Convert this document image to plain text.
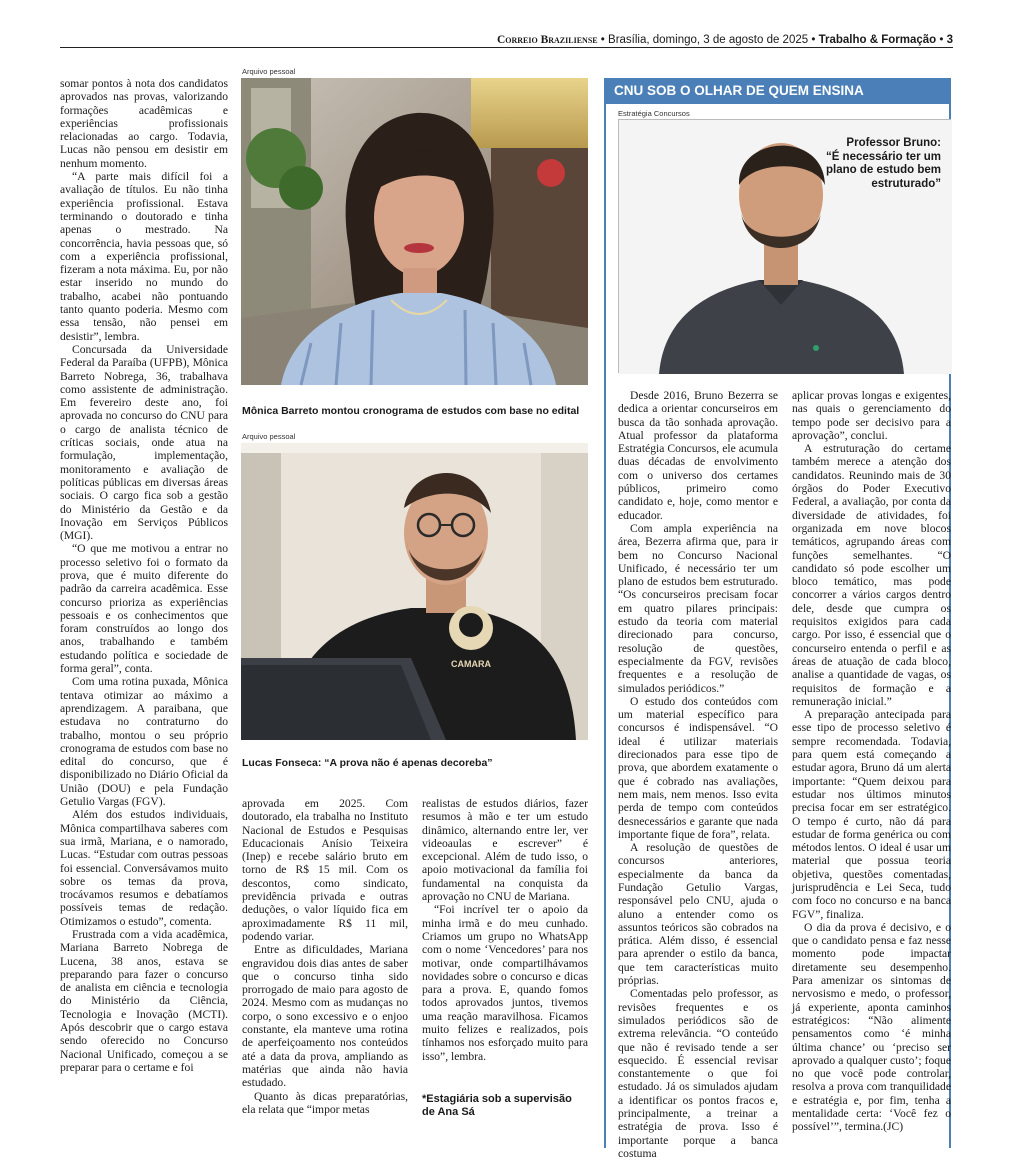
Correio Braziliense • Brasília, domingo, 3 de agosto de 2025 • Trabalho & Formação • 3

somar pontos à nota dos candidatos aprovados nas provas, valorizando formações acadêmicas e experiências profissionais relacionadas ao cargo. Todavia, Lucas não pensou em desistir em nenhum momento.

“A parte mais difícil foi a avaliação de títulos. Eu não tinha experiência profissional. Estava terminando o doutorado e tinha apenas o mestrado. Na concorrência, havia pessoas que, só com a experiência profissional, fizeram a nota máxima. Eu, por não estar inserido no mundo do trabalho, acabei não pontuando tanto quanto poderia. Mesmo com essa tensão, não pensei em desistir”, lembra.

Concursada da Universidade Federal da Paraíba (UFPB), Mônica Barreto Nobrega, 36, trabalhava como assistente de administração. Em fevereiro deste ano, foi aprovada no concurso do CNU para o cargo de analista técnico de críticas sociais, onde atua na formulação, implementação, monitoramento e avaliação de políticas públicas em diversas áreas sociais. O cargo fica sob a gestão do Ministério da Gestão e da Inovação em Serviços Públicos (MGI).

“O que me motivou a entrar no processo seletivo foi o formato da prova, que é muito diferente do padrão da carreira acadêmica. Esse concurso prioriza as experiências pessoais e os conhecimentos que foram construídos ao longo dos anos, trabalhando e também estudando política e sociedade de forma geral”, conta.

Com uma rotina puxada, Mônica tentava otimizar ao máximo a aprendizagem. A paraibana, que estudava no contraturno do trabalho, montou o seu próprio cronograma de estudos com base no edital do concurso, que é disponibilizado no Diário Oficial da União (DOU) e pela Fundação Getulio Vargas (FGV).

Além dos estudos individuais, Mônica compartilhava saberes com sua irmã, Mariana, e o namorado, Lucas. “Estudar com outras pessoas foi essencial. Conversávamos muito sobre os temas da prova, trocávamos resumos e debatíamos possíveis temas de redação. Otimizamos o estudo”, comenta.

Frustrada com a vida acadêmica, Mariana Barreto Nobrega de Lucena, 38 anos, estava se preparando para fazer o concurso de analista em ciência e tecnologia do Ministério da Ciência, Tecnologia e Inovação (MCTI). Após descobrir que o cargo estava sendo oferecido no Concurso Nacional Unificado, começou a se preparar para o certame e foi

Arquivo pessoal
Mônica Barreto montou cronograma de estudos com base no edital
Arquivo pessoal
CAMARA
Lucas Fonseca: “A prova não é apenas decoreba”

aprovada em 2025. Com doutorado, ela trabalha no Instituto Nacional de Estudos e Pesquisas Educacionais Anísio Teixeira (Inep) e recebe salário bruto em torno de R$ 15 mil. Com os descontos, como sindicato, previdência privada e outras deduções, o valor líquido fica em aproximadamente R$ 11 mil, podendo variar.

Entre as dificuldades, Mariana engravidou dois dias antes de saber que o concurso tinha sido prorrogado de maio para agosto de 2024. Mesmo com as mudanças no corpo, o sono excessivo e o enjoo constante, ela manteve uma rotina de aperfeiçoamento nos conteúdos até a data da prova, ampliando as matérias que ainda não havia estudado.

Quanto às dicas preparatórias, ela relata que “impor metas

realistas de estudos diários, fazer resumos à mão e ter um estudo dinâmico, alternando entre ler, ver videoaulas e escrever” é excepcional. Além de tudo isso, o apoio motivacional da família foi fundamental na conquista da aprovação no CNU de Mariana.

“Foi incrível ter o apoio da minha irmã e do meu cunhado. Criamos um grupo no WhatsApp com o nome ‘Vencedores’ para nos motivar, onde compartilhávamos novidades sobre o concurso e dicas para a prova. E, quando fomos todos aprovados juntos, tivemos uma reação maravilhosa. Ficamos muito felizes e realizados, pois tínhamos nos esforçado muito para isso”, lembra.

*Estagiária sob a supervisão de Ana Sá
CNU SOB O OLHAR DE QUEM ENSINA
Estratégia Concursos
Professor Bruno:
“É necessário ter um plano de estudo bem estruturado”

Desde 2016, Bruno Bezerra se dedica a orientar concurseiros em busca da tão sonhada aprovação. Atual professor da plataforma Estratégia Concursos, ele acumula duas décadas de envolvimento com o universo dos certames públicos, primeiro como candidato e, hoje, como mentor e educador.

Com ampla experiência na área, Bezerra afirma que, para ir bem no Concurso Nacional Unificado, é necessário ter um plano de estudos bem estruturado. “Os concurseiros precisam focar em quatro pilares principais: estudo da teoria com material direcionado para concurso, resolução de questões, especialmente da FGV, revisões frequentes e a resolução de simulados periódicos.”

O estudo dos conteúdos com um material específico para concursos é indispensável. “O ideal é utilizar materiais direcionados para esse tipo de prova, que abordem exatamente o que é cobrado nas avaliações, nem mais, nem menos. Isso evita perda de tempo com conteúdos desnecessários e garante que nada importante fique de fora”, relata.

A resolução de questões de concursos anteriores, especialmente da banca da Fundação Getulio Vargas, responsável pelo CNU, ajuda o aluno a entender como os assuntos teóricos são cobrados na prática. Além disso, é essencial para aprender o estilo da banca, que tem características muito próprias.

Comentadas pelo professor, as revisões frequentes e os simulados periódicos são de extrema relevância. “O conteúdo que não é revisado tende a ser esquecido. É essencial revisar constantemente o que foi estudado. Já os simulados ajudam a identificar os pontos fracos e, principalmente, a treinar a estratégia de prova. Isso é importante porque a banca costuma

aplicar provas longas e exigentes, nas quais o gerenciamento do tempo pode ser decisivo para a aprovação”, conclui.

A estruturação do certame também merece a atenção dos candidatos. Reunindo mais de 30 órgãos do Poder Executivo Federal, a avaliação, por conta da diversidade de atividades, foi organizada em nove blocos temáticos, agrupando áreas com funções semelhantes. “O candidato só pode escolher um bloco temático, mas pode concorrer a vários cargos dentro dele, desde que cumpra os requisitos exigidos para cada cargo. Por isso, é essencial que o concurseiro entenda o perfil e as áreas de atuação de cada bloco, analise a quantidade de vagas, os requisitos de formação e a remuneração inicial.”

A preparação antecipada para esse tipo de processo seletivo é sempre recomendada. Todavia, para quem está começando a estudar agora, Bruno dá um alerta importante: “Quem deixou para estudar nos últimos minutos precisa focar em ser estratégico. O tempo é curto, não dá para estudar de forma genérica ou com métodos lentos. O ideal é usar um material que possua teoria objetiva, questões comentadas, jurisprudência e Lei Seca, tudo com foco no concurso e na banca FGV”, finaliza.

O dia da prova é decisivo, e o que o candidato pensa e faz nesse momento pode impactar diretamente seu desempenho. Para amenizar os sintomas de nervosismo e medo, o professor, já experiente, aponta caminhos estratégicos: “Não alimente pensamentos como ‘é minha última chance’ ou ‘preciso ser aprovado a qualquer custo’; foque no que você pode controlar, resolva a prova com tranquilidade e estratégia e, por fim, tenha a mentalidade certa: ‘Você fez o possível’”, termina.(JC)
